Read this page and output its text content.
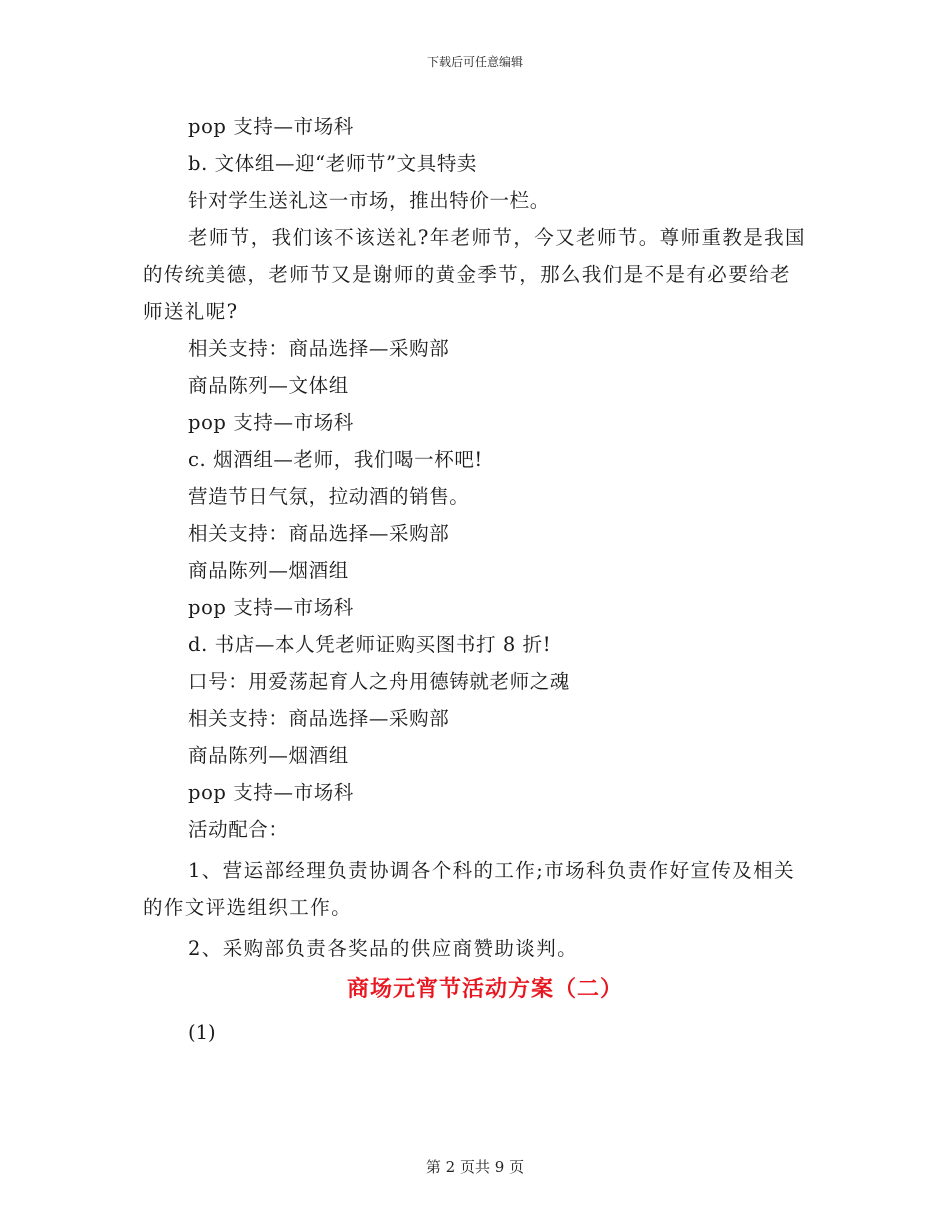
下载后可任意编辑
pop 支持—市场科
b. 文体组—迎“老师节”文具特卖
针对学生送礼这一市场，推出特价一栏。
老师节，我们该不该送礼?年老师节，今又老师节。尊师重教是我国的传统美德，老师节又是谢师的黄金季节，那么我们是不是有必要给老师送礼呢?
相关支持：商品选择—采购部
商品陈列—文体组
pop 支持—市场科
c. 烟酒组—老师，我们喝一杯吧!
营造节日气氛，拉动酒的销售。
相关支持：商品选择—采购部
商品陈列—烟酒组
pop 支持—市场科
d. 书店—本人凭老师证购买图书打 8 折!
口号：用爱荡起育人之舟用德铸就老师之魂
相关支持：商品选择—采购部
商品陈列—烟酒组
pop 支持—市场科
活动配合：
1、营运部经理负责协调各个科的工作;市场科负责作好宣传及相关的作文评选组织工作。
2、采购部负责各奖品的供应商赞助谈判。
商场元宵节活动方案（二）
(1)
第 2 页共 9 页
